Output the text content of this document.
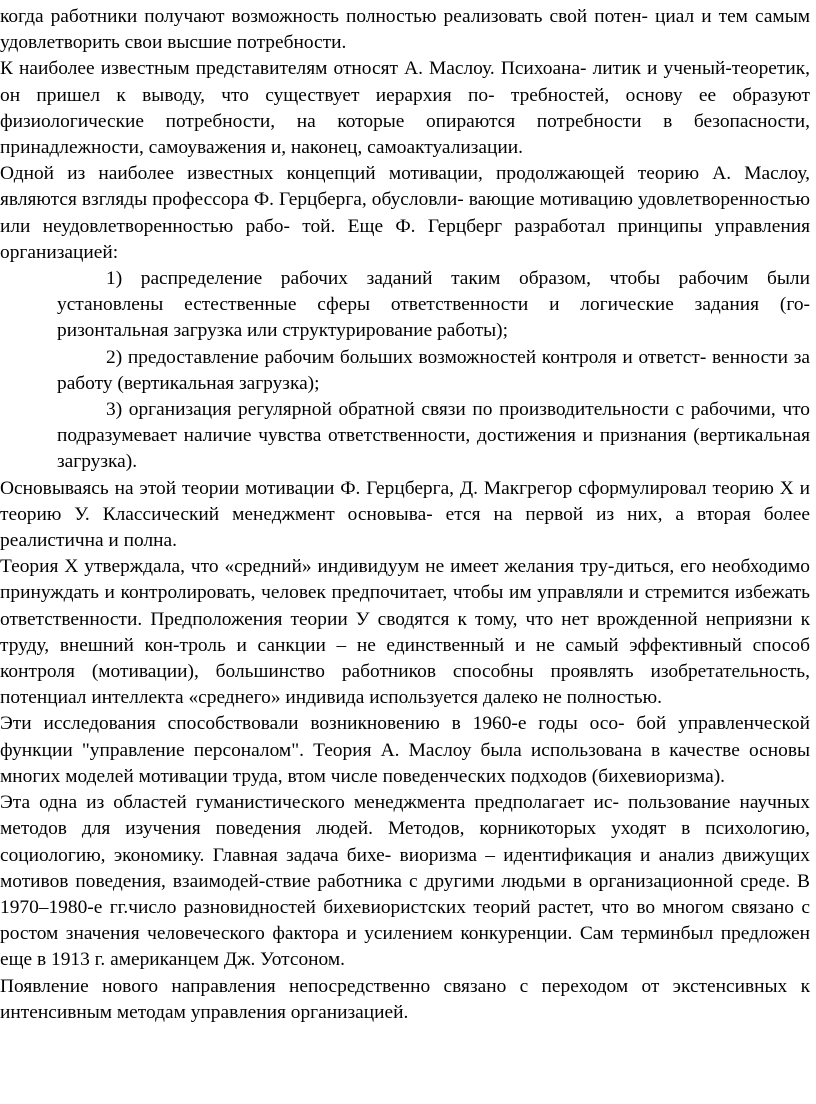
когда работники получают возможность полностью реализовать свой потен- циал и тем самым удовлетворить свои высшие потребности.

К наиболее известным представителям относят А. Маслоу. Психоана- литик и ученый-теоретик, он пришел к выводу, что существует иерархия по- требностей, основу ее образуют физиологические потребности, на которые опираются потребности в безопасности, принадлежности, самоуважения и, наконец, самоактуализации.

Одной из наиболее известных концепций мотивации, продолжающей теорию А. Маслоу, являются взгляды профессора Ф. Герцберга, обусловли- вающие мотивацию удовлетворенностью или неудовлетворенностью рабо- той. Еще Ф. Герцберг разработал принципы управления организацией:

1) распределение рабочих заданий таким образом, чтобы рабочим были установлены естественные сферы ответственности и логические задания (го- ризонтальная загрузка или структурирование работы);

2) предоставление рабочим больших возможностей контроля и ответст- венности за работу (вертикальная загрузка);

3) организация регулярной обратной связи по производительности с рабочими, что подразумевает наличие чувства ответственности, достижения и признания (вертикальная загрузка).

Основываясь на этой теории мотивации Ф. Герцберга, Д. Макгрегор сформулировал теорию Х и теорию У. Классический менеджмент основыва- ется на первой из них, а вторая более реалистична и полна.

Теория Х утверждала, что «средний» индивидуум не имеет желания тру-диться, его необходимо принуждать и контролировать, человек предпочитает, чтобы им управляли и стремится избежать ответственности. Предположения теории У сводятся к тому, что нет врожденной неприязни к труду, внешний кон-троль и санкции – не единственный и не самый эффективный способ контроля (мотивации), большинство работников способны проявлять изобретательность, потенциал интеллекта «среднего» индивида используется далеко не полностью.

Эти исследования способствовали возникновению в 1960-е годы осо- бой управленческой функции "управление персоналом". Теория А. Маслоу была использована в качестве основы многих моделей мотивации труда, втом числе поведенческих подходов (бихевиоризма).

Эта одна из областей гуманистического менеджмента предполагает ис- пользование научных методов для изучения поведения людей. Методов, корникоторых уходят в психологию, социологию, экономику. Главная задача бихе- виоризма – идентификация и анализ движущих мотивов поведения, взаимодей-ствие работника с другими людьми в организационной среде. В 1970–1980-е гг.число разновидностей бихевиористских теорий растет, что во многом связано с ростом значения человеческого фактора и усилением конкуренции. Сам терминбыл предложен еще в 1913 г. американцем Дж. Уотсоном.

Появление нового направления непосредственно связано с переходом от экстенсивных к интенсивным методам управления организацией.
